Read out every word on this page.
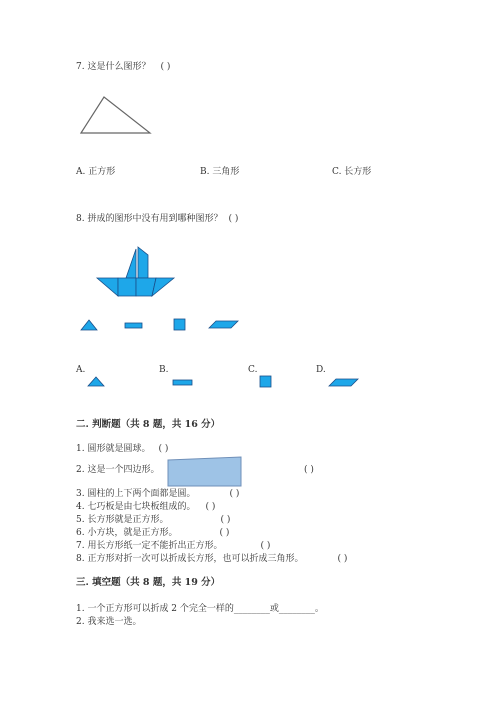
7. 这是什么图形？ ( )
A. 正方形	B. 三角形	C. 长方形
8. 拼成的图形中没有用到哪种图形？ ( )
A.	B.	C.	D.
二. 判断题（共 8 题，共 16 分）
1. 圆形就是圆球。 ( )
2. 这是一个四边形。	( )
3. 圆柱的上下两个面都是圆。	( )
4. 七巧板是由七块板组成的。 ( )
5. 长方形就是正方形。	( )
6. 小方块，就是正方形。	( )
7. 用长方形纸一定不能折出正方形。	( )
8. 正方形对折一次可以折成长方形，也可以折成三角形。	( )
三. 填空题（共 8 题，共 19 分）
1. 一个正方形可以折成 2 个完全一样的________或________。
2. 我来选一选。
